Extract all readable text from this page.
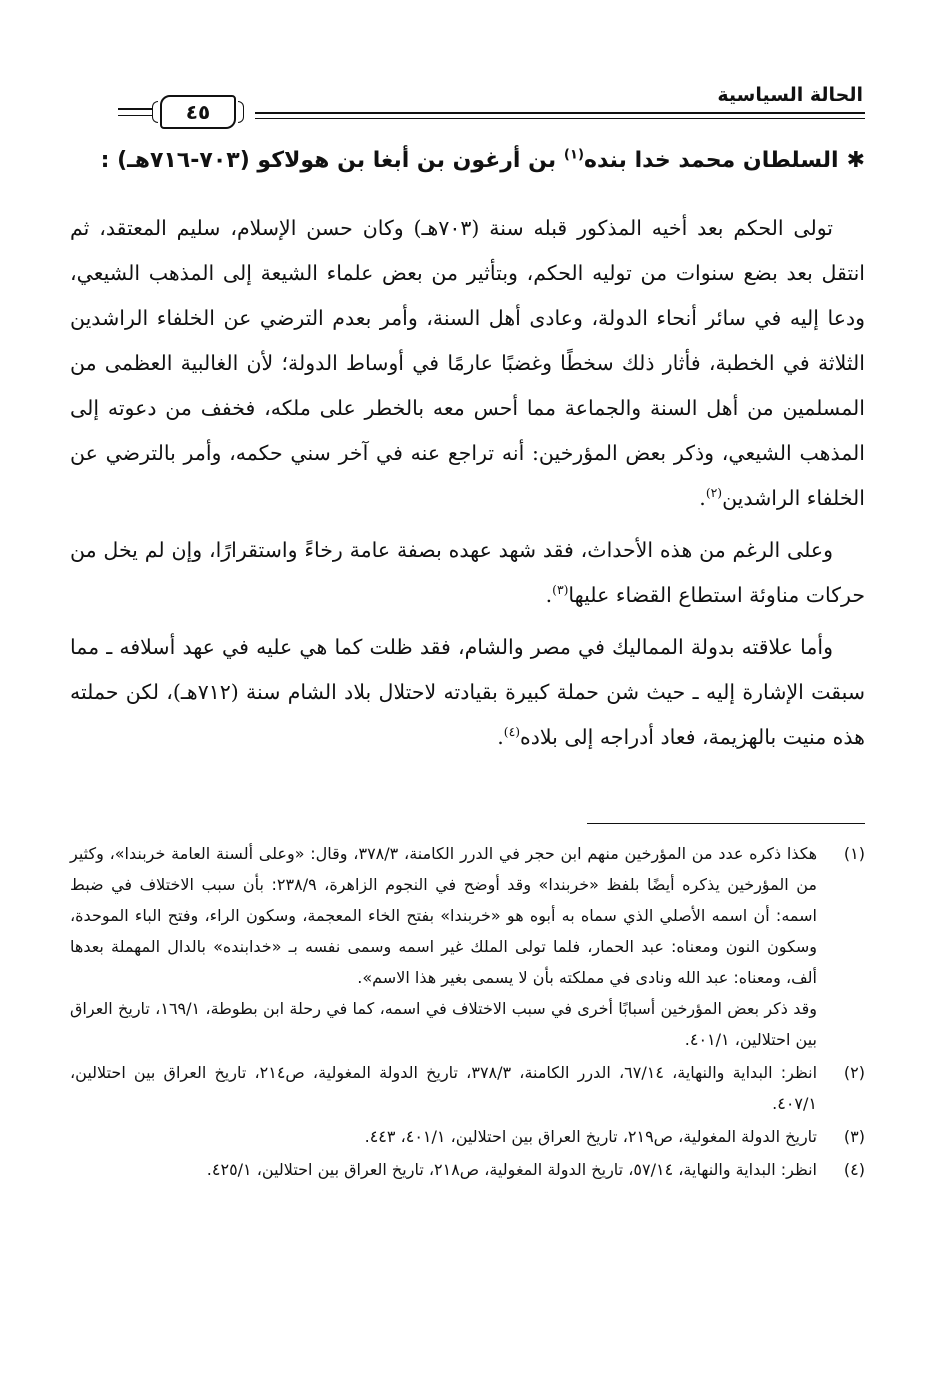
الحالة السياسية
٤٥
✱السلطان محمد خدا بنده$^{(١)}$ بن أرغون بن أبغا بن هولاكو (٧٠٣-٧١٦هـ) :

تولى الحكم بعد أخيه المذكور قبله سنة (٧٠٣هـ) وكان حسن الإسلام، سليم المعتقد، ثم انتقل بعد بضع سنوات من توليه الحكم، وبتأثير من بعض علماء الشيعة إلى المذهب الشيعي، ودعا إليه في سائر أنحاء الدولة، وعادى أهل السنة، وأمر بعدم الترضي عن الخلفاء الراشدين الثلاثة في الخطبة، فأثار ذلك سخطًا وغضبًا عارمًا في أوساط الدولة؛ لأن الغالبية العظمى من المسلمين من أهل السنة والجماعة مما أحس معه بالخطر على ملكه، فخفف من دعوته إلى المذهب الشيعي، وذكر بعض المؤرخين: أنه تراجع عنه في آخر سني حكمه، وأمر بالترضي عن الخلفاء الراشدين$^{(٢)}$.

وعلى الرغم من هذه الأحداث، فقد شهد عهده بصفة عامة رخاءً واستقرارًا، وإن لم يخل من حركات مناوئة استطاع القضاء عليها$^{(٣)}$.

وأما علاقته بدولة المماليك في مصر والشام، فقد ظلت كما هي عليه في عهد أسلافه ـ مما سبقت الإشارة إليه ـ حيث شن حملة كبيرة بقيادته لاحتلال بلاد الشام سنة (٧١٢هـ)، لكن حملته هذه منيت بالهزيمة، فعاد أدراجه إلى بلاده$^{(٤)}$.

(١)
هكذا ذكره عدد من المؤرخين منهم ابن حجر في الدرر الكامنة، ٣٧٨/٣، وقال: «وعلى ألسنة العامة خربندا»، وكثير من المؤرخين يذكره أيضًا بلفظ «خربندا» وقد أوضح في النجوم الزاهرة، ٢٣٨/٩: بأن سبب الاختلاف في ضبط اسمه: أن اسمه الأصلي الذي سماه به أبوه هو «خربندا» بفتح الخاء المعجمة، وسكون الراء، وفتح الباء الموحدة، وسكون النون ومعناه: عبد الحمار، فلما تولى الملك غير اسمه وسمى نفسه بـ «خدابنده» بالدال المهملة بعدها ألف، ومعناه: عبد الله ونادى في مملكته بأن لا يسمى بغير هذا الاسم».
وقد ذكر بعض المؤرخين أسبابًا أخرى في سبب الاختلاف في اسمه، كما في رحلة ابن بطوطة، ١٦٩/١، تاريخ العراق بين احتلالين، ٤٠١/١.
(٢)
انظر: البداية والنهاية، ٦٧/١٤، الدرر الكامنة، ٣٧٨/٣، تاريخ الدولة المغولية، ص٢١٤، تاريخ العراق بين احتلالين، ٤٠٧/١.
(٣)
تاريخ الدولة المغولية، ص٢١٩، تاريخ العراق بين احتلالين، ٤٠١/١، ٤٤٣.
(٤)
انظر: البداية والنهاية، ٥٧/١٤، تاريخ الدولة المغولية، ص٢١٨، تاريخ العراق بين احتلالين، ٤٢٥/١.
